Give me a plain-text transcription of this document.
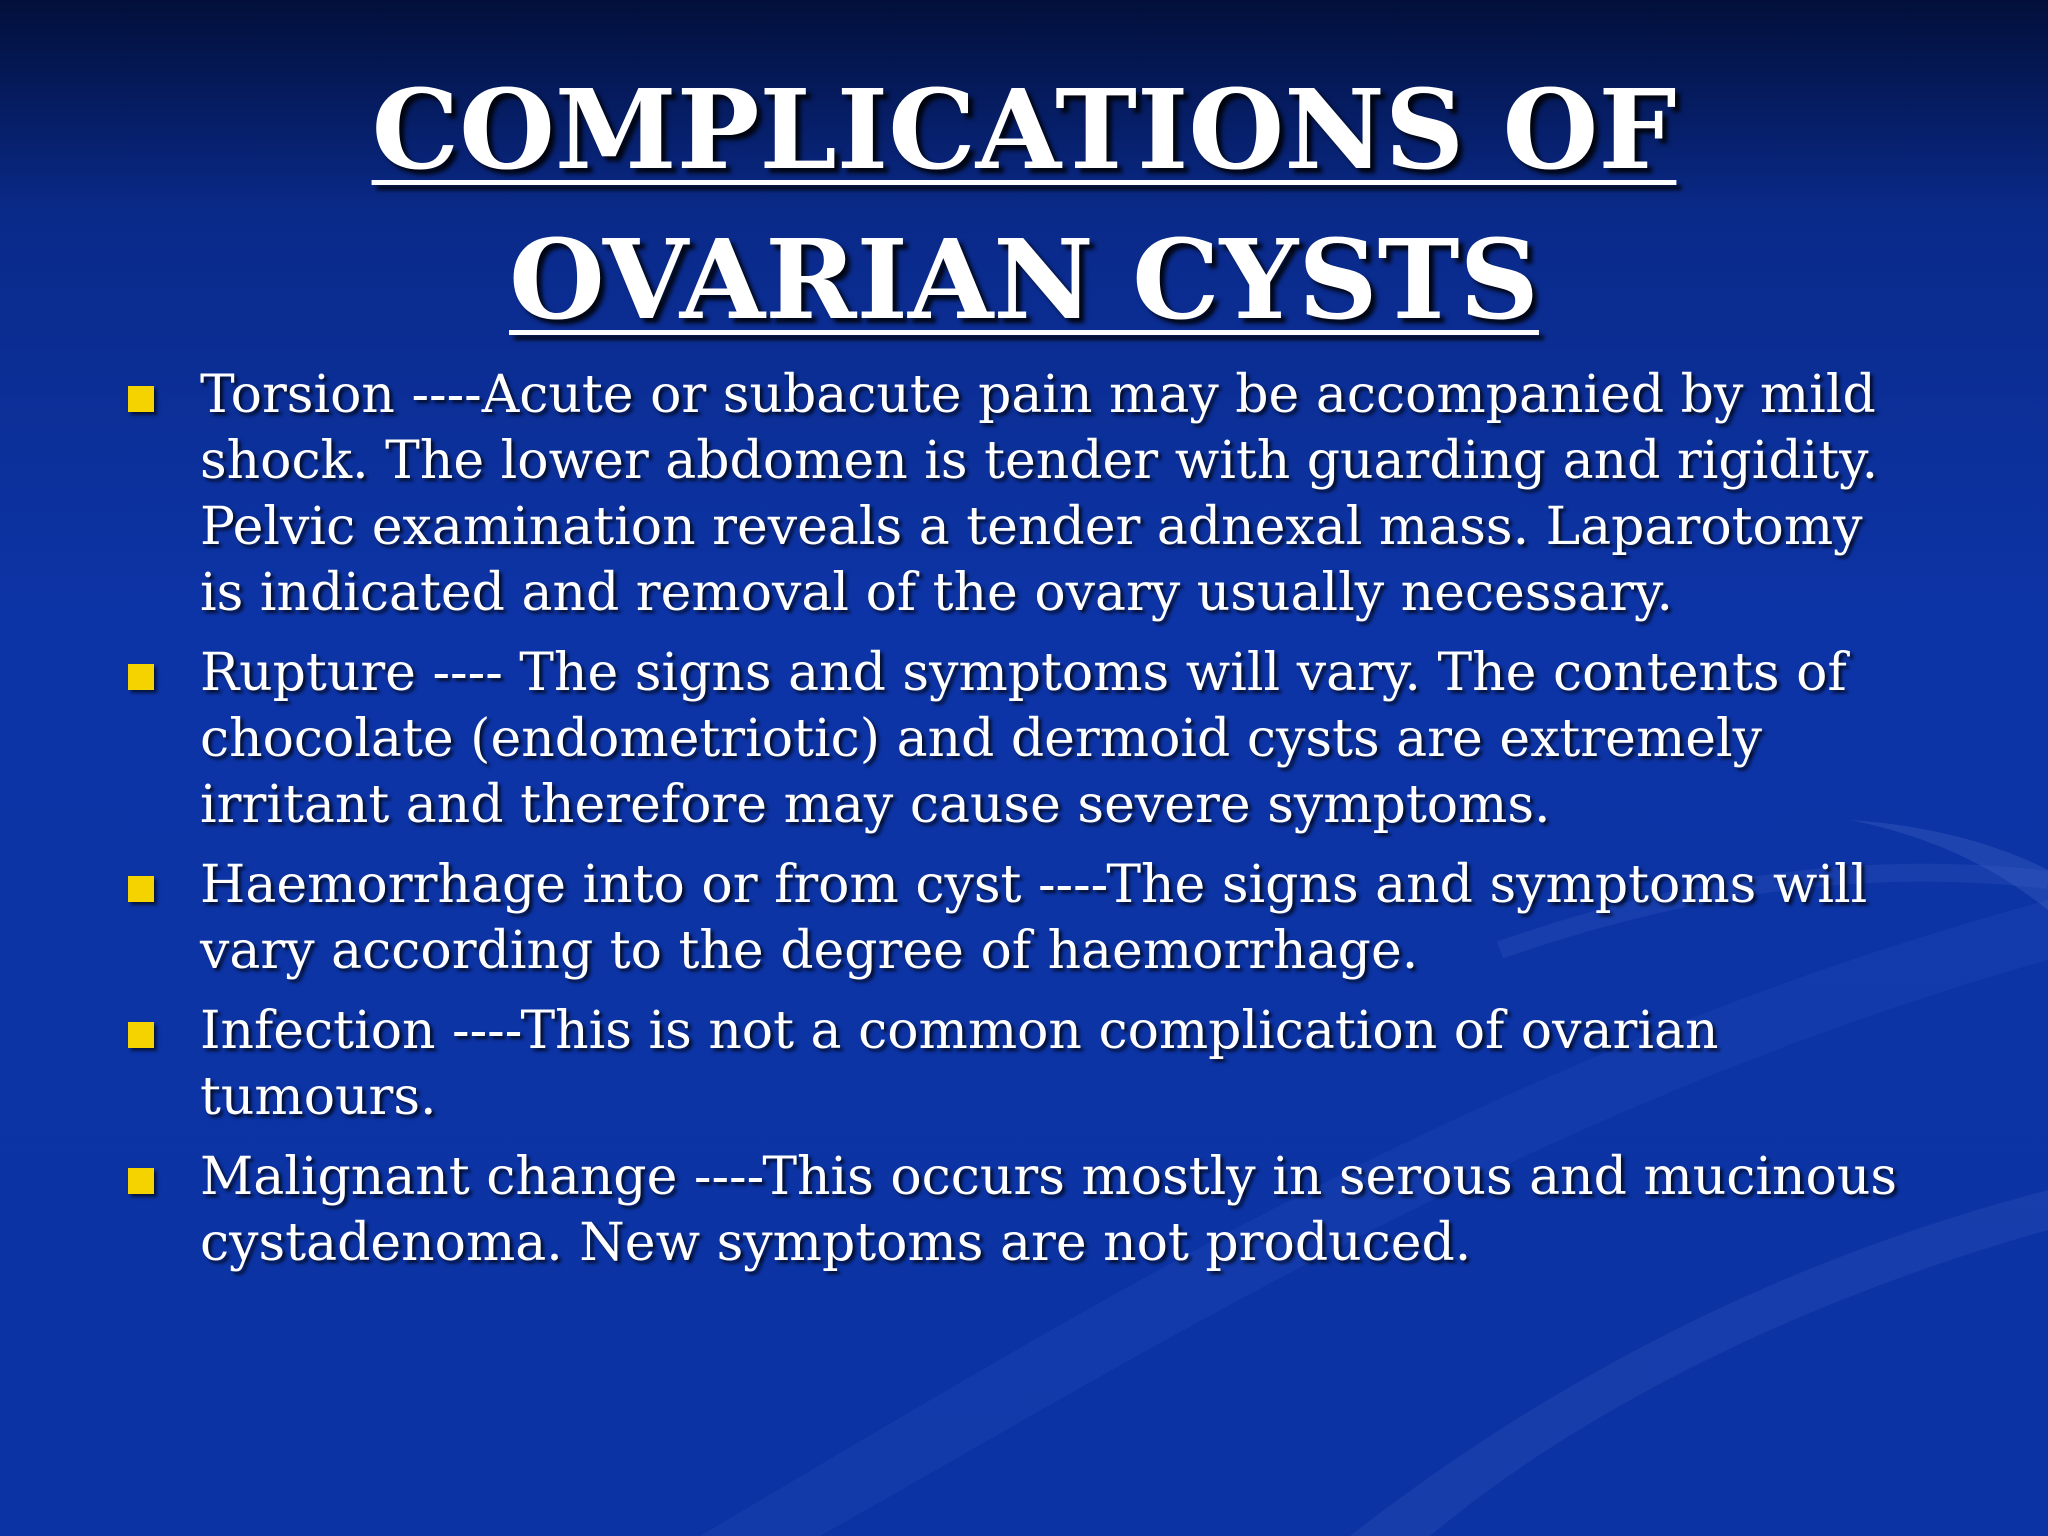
COMPLICATIONS OF
OVARIAN CYSTS
Torsion ----Acute or subacute pain may be accompanied by mild shock. The lower abdomen is tender with guarding and rigidity. Pelvic examination reveals a tender adnexal mass. Laparotomy is indicated and removal of the ovary usually necessary.
Rupture ---- The signs and symptoms will vary. The contents of chocolate (endometriotic) and dermoid cysts are extremely irritant and therefore may cause severe symptoms.
Haemorrhage into or from cyst ----The signs and symptoms will vary according to the degree of haemorrhage.
Infection ----This is not a common complication of ovarian tumours.
Malignant change ----This occurs mostly in serous and mucinous cystadenoma. New symptoms are not produced.
